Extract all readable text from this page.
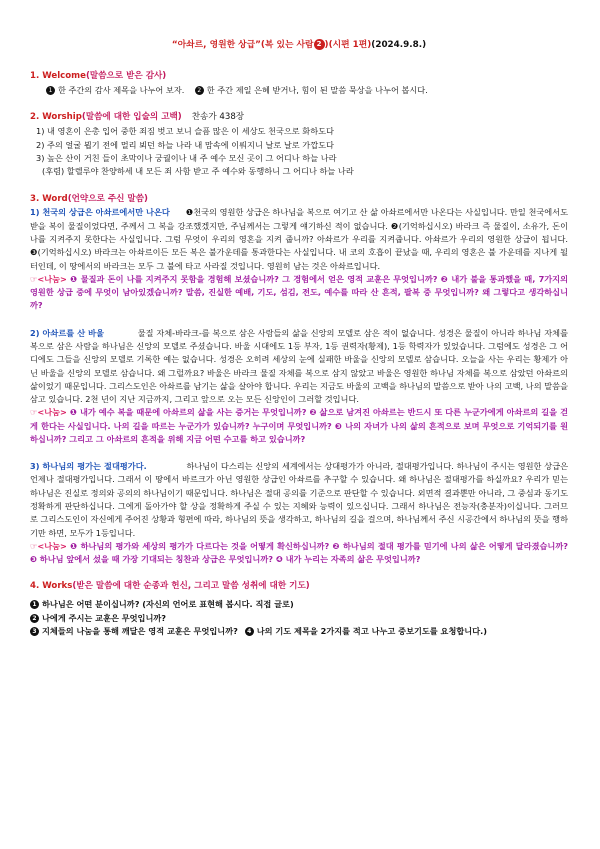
“아솨르, 영원한 상급”(복 있는 사람 2 )(시편 1편)(2024.9.8.)
1. Welcome(말씀으로 받은 감사)
1 한 주간의 감사 제목을 나누어 보자. 2 한 주간 제일 은혜 받거나, 힘이 된 말씀 묵상을 나누어 봅시다.
2. Worship(말씀에 대한 입술의 고백) 찬송가 438장
1) 내 영혼이 은총 입어 중한 죄짐 벗고 보니 슬픔 많은 이 세상도 천국으로 화하도다
2) 주의 얼굴 뵙기 전에 멀리 뵈던 하늘 나라 내 맘속에 이뤄지니 날로 날로 가깝도다
3) 높은 산이 거친 들이 초막이나 궁궐이나 내 주 예수 모신 곳이 그 어디나 하늘 나라
(후렴) 할렐루야 찬양하세 내 모든 죄 사함 받고 주 예수와 동행하니 그 어디나 하늘 나라
3. Word(언약으로 주신 말씀)
1) 천국의 상급은 아솨르에서만 나온다 ❶천국의 영원한 상급은 하나님을 복으로 여기고 산 삶 아솨르에서만 나온다는 사실입니다. 만일 천국에서도 받을 복이 물질이었다면, 주께서 그 복을 강조했겠지만, 주님께서는 그렇게 얘기하신 적이 없습니다. ❷(기억하십시오) 바라크 즉 물질이, 소유가, 돈이 나를 지켜주지 못한다는 사실입니다. 그럼 무엇이 우리의 영혼을 지켜 줍니까? 아솨르가 우리를 지켜줍니다. 아솨르가 우리의 영원한 상급이 됩니다. ❸(기억하십시오) 바라크는 아솨르이든 모든 복은 불가운데를 통과한다는 사실입니다. 내 코의 호흡이 끝났을 때, 우리의 영혼은 불 가운데를 지나게 될 터인데, 이 땅에서의 바라크는 모두 그 불에 타고 사라질 것입니다. 영원히 남는 것은 아솨르입니다.
☞<나눔> ❶ 물질과 돈이 나를 지켜주지 못함을 경험해 보셨습니까? 그 경험에서 얻은 영적 교훈은 무엇입니까? ❷ 내가 불을 통과했을 때, 7가지의 영원한 상급 중에 무엇이 남아있겠습니까? 말씀, 진실한 예배, 기도, 섬김, 전도, 예수를 따라 산 흔적, 팔복 중 무엇입니까? 왜 그렇다고 생각하십니까?
2) 아솨르를 산 바울	물질 자체-바라크-를 복으로 삼은 사람들의 삶을 신앙의 모델로 삼은 적이 없습니다. 성경은 물질이 아니라 하나님 자체를 복으로 삼은 사람을 하나님은 신앙의 모델로 주셨습니다. 바울 시대에도 1등 부자, 1등 권력자(황제), 1등 학력자가 있었습니다. 그럼에도 성경은 그 어디에도 그들을 신앙의 모델로 기록한 예는 없습니다. 성경은 오히려 세상의 눈에 실패한 바울을 신앙의 모델로 삼습니다. 오늘을 사는 우리는 황제가 아닌 바울을 신앙의 모델로 삼습니다. 왜 그럴까요? 바울은 바라크 물질 자체를 복으로 삼지 않았고 바울은 영원한 하나님 자체를 복으로 삼았던 아솨르의 삶이었기 때문입니다. 그리스도인은 아솨르를 남기는 삶을 살아야 합니다. 우리는 지금도 바울의 고백을 하나님의 말씀으로 받아 나의 고백, 나의 말씀을 삼고 있습니다. 2천 년이 지난 지금까지, 그리고 앞으로 오는 모든 신앙인이 그러할 것입니다.
☞<나눔> ❶ 내가 예수 복을 때문에 아솨르의 삶을 사는 증거는 무엇입니까? ❷ 삶으로 남겨진 아솨르는 반드시 또 다른 누군가에게 아솨르의 길을 걷게 한다는 사실입니다. 나의 길을 따르는 누군가가 있습니까? 누구이며 무엇입니까? ❸ 나의 자녀가 나의 삶의 흔적으로 보며 무엇으로 기억되기를 원하십니까? 그리고 그 아솨르의 흔적을 위해 지금 어떤 수고를 하고 있습니까?
3) 하나님의 평가는 절대평가다.	하나님이 다스리는 신앙의 세계에서는 상대평가가 아니라, 절대평가입니다. 하나님이 주시는 영원한 상급은 언제나 절대평가입니다. 그래서 이 땅에서 바르크가 아닌 영원한 상급인 아솨르를 추구할 수 있습니다. 왜 하나님은 절대평가를 하실까요? 우리가 믿는 하나님은 진실로 정의와 공의의 하나님이기 때문입니다. 하나님은 절대 공의를 기준으로 판단할 수 있습니다. 외면적 결과뿐만 아니라, 그 중심과 동기도 정확하게 판단하십니다. 그에게 돌아가야 할 상을 정확하게 주실 수 있는 지혜와 능력이 있으십니다. 그래서 하나님은 전능자(충분자)이십니다. 그러므로 그리스도인이 자신에게 주어진 상황과 형편에 따라, 하나님의 뜻을 생각하고, 하나님의 길을 걸으며, 하나님께서 주신 시공간에서 하나님의 뜻을 행하기만 하면, 모두가 1등입니다.
☞<나눔> ❶ 하나님의 평가와 세상의 평가가 다르다는 것을 어떻게 확신하십니까? ❷ 하나님의 절대 평가를 믿기에 나의 삶은 어떻게 달라졌습니까? ❸ 하나님 앞에서 섰을 때 가장 기대되는 칭찬과 상급은 무엇입니까? ❹ 내가 누리는 자족의 삶은 무엇입니까?
4. Works(받은 말씀에 대한 순종과 헌신, 그리고 말씀 성취에 대한 기도)
1 하나님은 어떤 분이십니까? (자신의 언어로 표현해 봅시다. 직접 글로)
2 나에게 주시는 교훈은 무엇입니까?
3 지체들의 나눔을 통해 깨달은 영적 교훈은 무엇입니까? 4 나의 기도 제목을 2가지를 적고 나누고 중보기도를 요청합니다.)
